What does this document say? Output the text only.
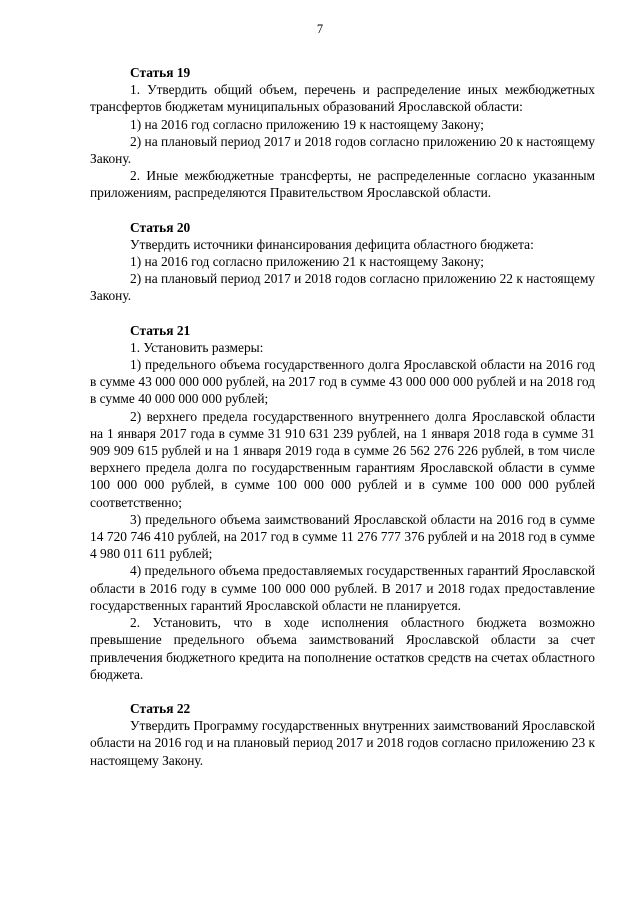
7

Статья 19

1. Утвердить общий объем, перечень и распределение иных межбюджетных трансфертов бюджетам муниципальных образований Ярославской области:

1) на 2016 год согласно приложению 19 к настоящему Закону;

2) на плановый период 2017 и 2018 годов согласно приложению 20 к настоящему Закону.

2. Иные межбюджетные трансферты, не распределенные согласно указанным приложениям, распределяются Правительством Ярославской области.

Статья 20

Утвердить источники финансирования дефицита областного бюджета:

1) на 2016 год согласно приложению 21 к настоящему Закону;

2) на плановый период 2017 и 2018 годов согласно приложению 22 к настоящему Закону.

Статья 21

1. Установить размеры:

1) предельного объема государственного долга Ярославской области на 2016 год в сумме 43 000 000 000 рублей, на 2017 год в сумме 43 000 000 000 рублей и на 2018 год в сумме 40 000 000 000 рублей;

2) верхнего предела государственного внутреннего долга Ярославской области на 1 января 2017 года в сумме 31 910 631 239 рублей, на 1 января 2018 года в сумме 31 909 909 615 рублей и на 1 января 2019 года в сумме 26 562 276 226 рублей, в том числе верхнего предела долга по государственным гарантиям Ярославской области в сумме 100 000 000 рублей, в сумме 100 000 000 рублей и в сумме 100 000 000 рублей соответственно;

3) предельного объема заимствований Ярославской области на 2016 год в сумме 14 720 746 410 рублей, на 2017 год в сумме 11 276 777 376 рублей и на 2018 год в сумме 4 980 011 611 рублей;

4) предельного объема предоставляемых государственных гарантий Ярославской области в 2016 году в сумме 100 000 000 рублей. В 2017 и 2018 годах предоставление государственных гарантий Ярославской области не планируется.

2. Установить, что в ходе исполнения областного бюджета возможно превышение предельного объема заимствований Ярославской области за счет привлечения бюджетного кредита на пополнение остатков средств на счетах областного бюджета.

Статья 22

Утвердить Программу государственных внутренних заимствований Ярославской области на 2016 год и на плановый период 2017 и 2018 годов согласно приложению 23 к настоящему Закону.
